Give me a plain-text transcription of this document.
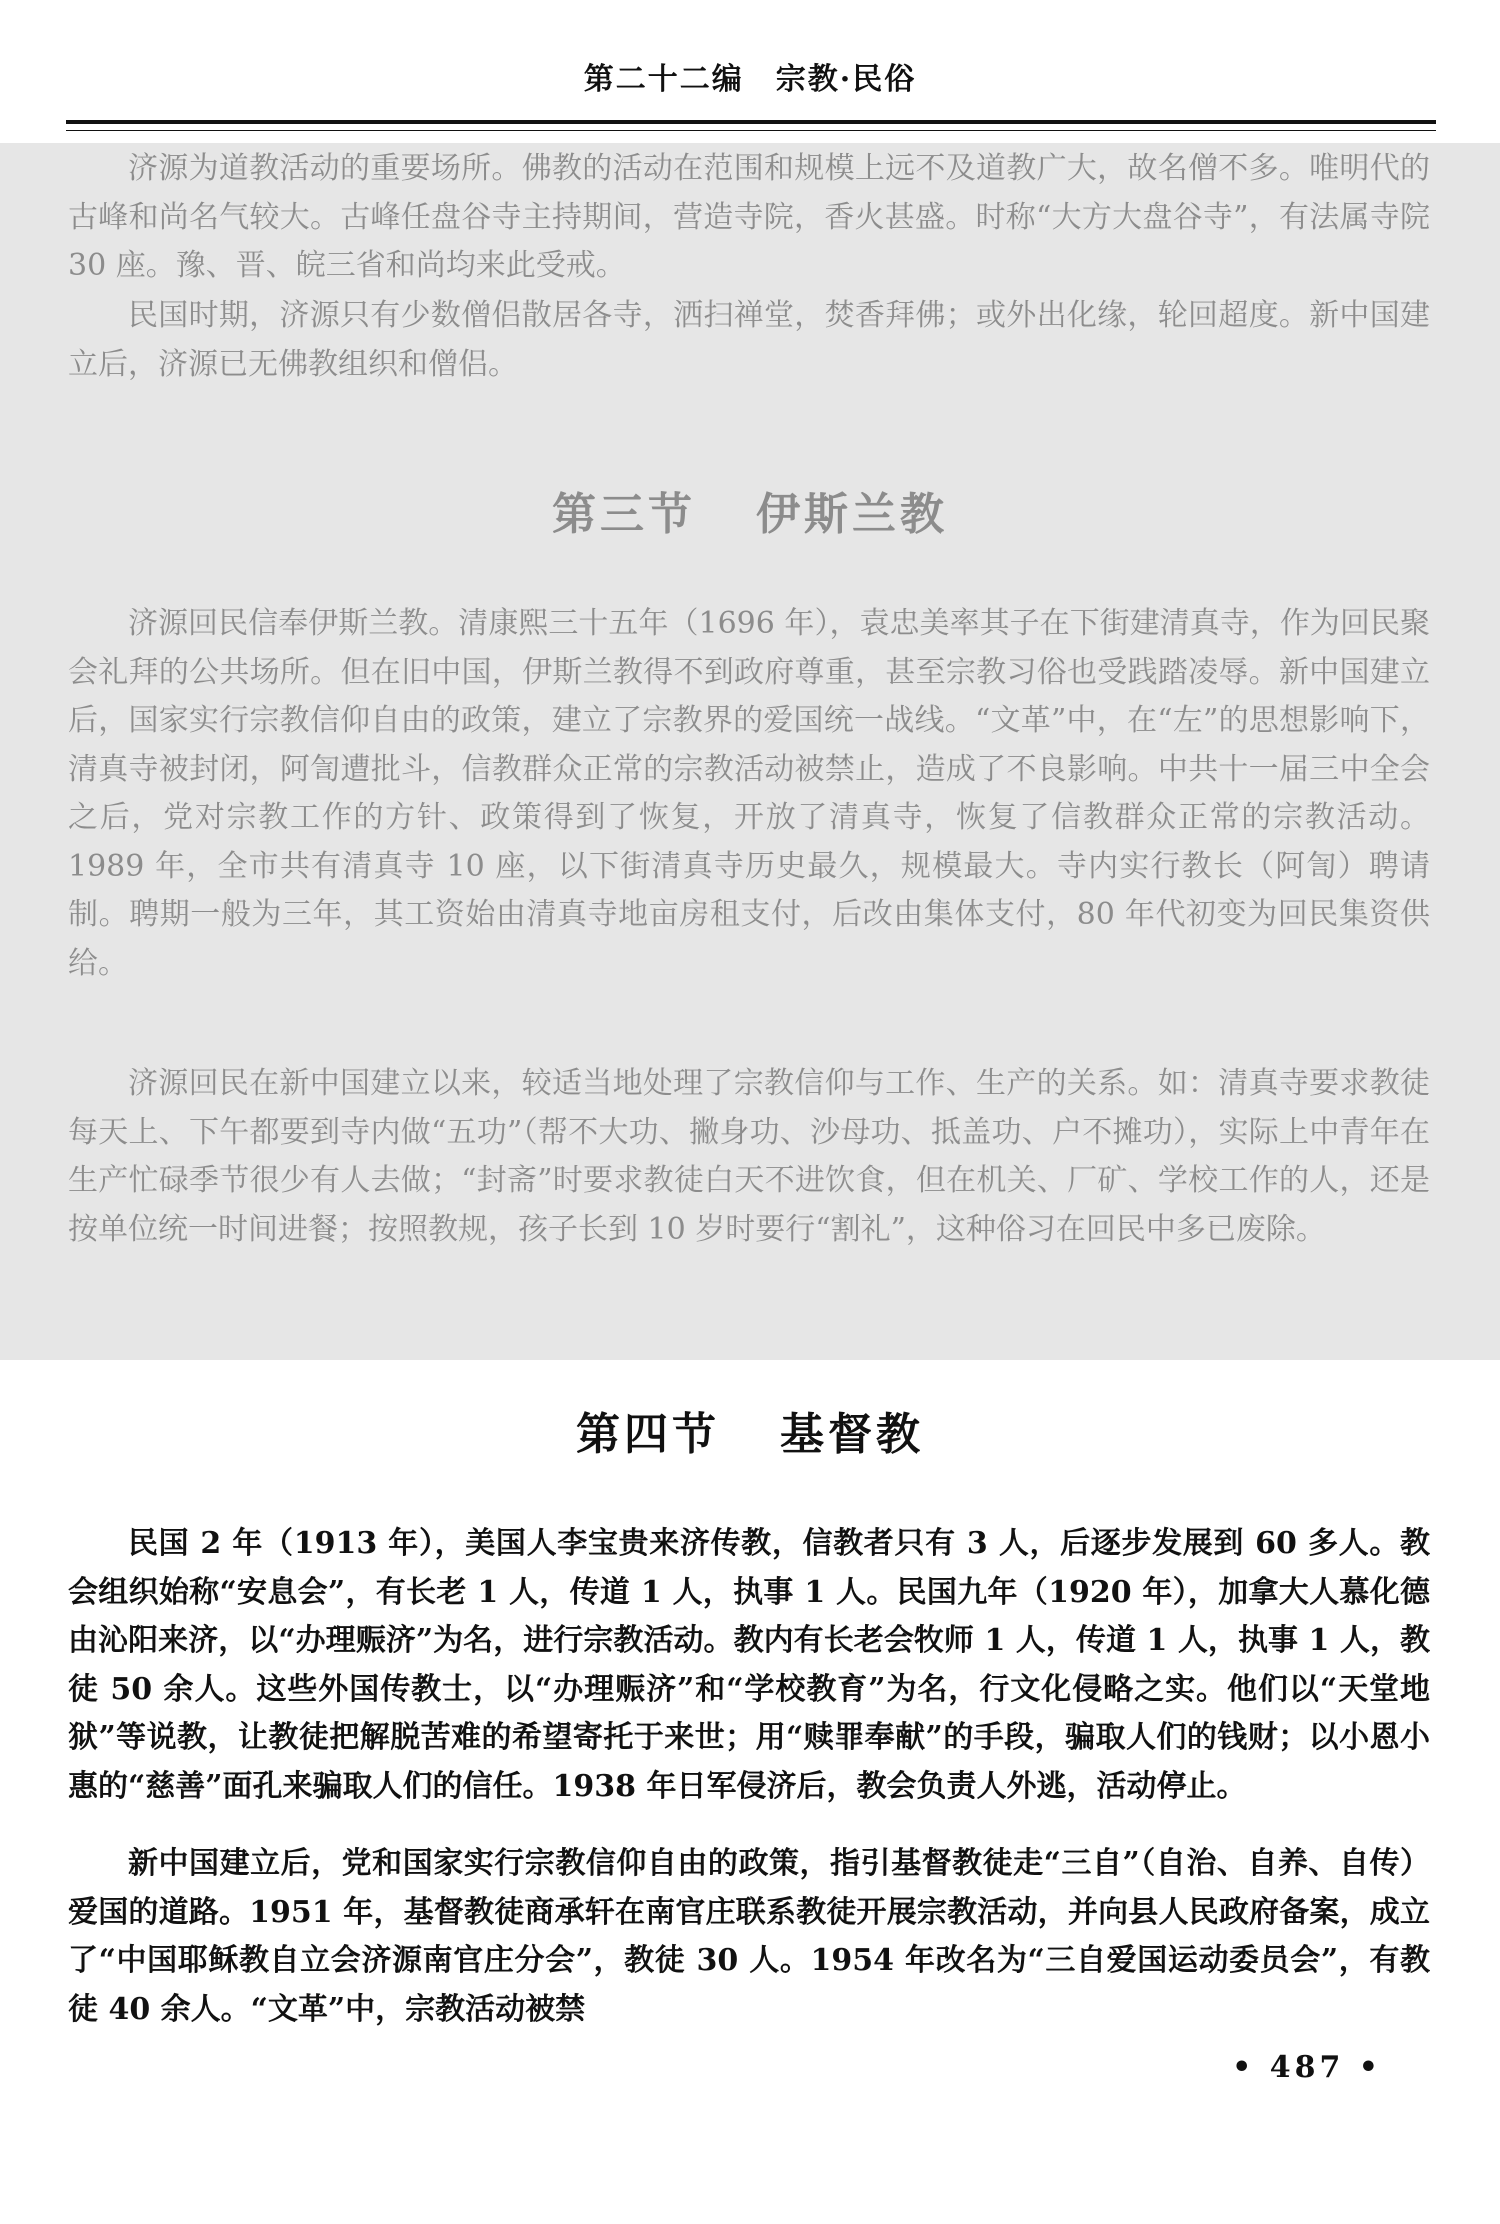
第二十二编　宗教·民俗

济源为道教活动的重要场所。佛教的活动在范围和规模上远不及道教广大，故名僧不多。唯明代的古峰和尚名气较大。古峰任盘谷寺主持期间，营造寺院，香火甚盛。时称“大方大盘谷寺”，有法属寺院 30 座。豫、晋、皖三省和尚均来此受戒。

民国时期，济源只有少数僧侣散居各寺，洒扫禅堂，焚香拜佛；或外出化缘，轮回超度。新中国建立后，济源已无佛教组织和僧侣。

第三节 伊斯兰教

济源回民信奉伊斯兰教。清康熙三十五年（1696 年），袁忠美率其子在下街建清真寺，作为回民聚会礼拜的公共场所。但在旧中国，伊斯兰教得不到政府尊重，甚至宗教习俗也受践踏凌辱。新中国建立后，国家实行宗教信仰自由的政策，建立了宗教界的爱国统一战线。“文革”中，在“左”的思想影响下，清真寺被封闭，阿訇遭批斗，信教群众正常的宗教活动被禁止，造成了不良影响。中共十一届三中全会之后，党对宗教工作的方针、政策得到了恢复，开放了清真寺，恢复了信教群众正常的宗教活动。1989 年，全市共有清真寺 10 座，以下街清真寺历史最久，规模最大。寺内实行教长（阿訇）聘请制。聘期一般为三年，其工资始由清真寺地亩房租支付，后改由集体支付，80 年代初变为回民集资供给。

济源回民在新中国建立以来，较适当地处理了宗教信仰与工作、生产的关系。如：清真寺要求教徒每天上、下午都要到寺内做“五功”（帮不大功、撇身功、沙母功、抵盖功、户不摊功），实际上中青年在生产忙碌季节很少有人去做；“封斋”时要求教徒白天不进饮食，但在机关、厂矿、学校工作的人，还是按单位统一时间进餐；按照教规，孩子长到 10 岁时要行“割礼”，这种俗习在回民中多已废除。

第四节 基督教

民国 2 年（1913 年），美国人李宝贵来济传教，信教者只有 3 人，后逐步发展到 60 多人。教会组织始称“安息会”，有长老 1 人，传道 1 人，执事 1 人。民国九年（1920 年），加拿大人慕化德由沁阳来济，以“办理赈济”为名，进行宗教活动。教内有长老会牧师 1 人，传道 1 人，执事 1 人，教徒 50 余人。这些外国传教士，以“办理赈济”和“学校教育”为名，行文化侵略之实。他们以“天堂地狱”等说教，让教徒把解脱苦难的希望寄托于来世；用“赎罪奉献”的手段，骗取人们的钱财；以小恩小惠的“慈善”面孔来骗取人们的信任。1938 年日军侵济后，教会负责人外逃，活动停止。

新中国建立后，党和国家实行宗教信仰自由的政策，指引基督教徒走“三自”（自治、自养、自传）爱国的道路。1951 年，基督教徒商承轩在南官庄联系教徒开展宗教活动，并向县人民政府备案，成立了“中国耶稣教自立会济源南官庄分会”，教徒 30 人。1954 年改名为“三自爱国运动委员会”，有教徒 40 余人。“文革”中，宗教活动被禁

• 487 •
